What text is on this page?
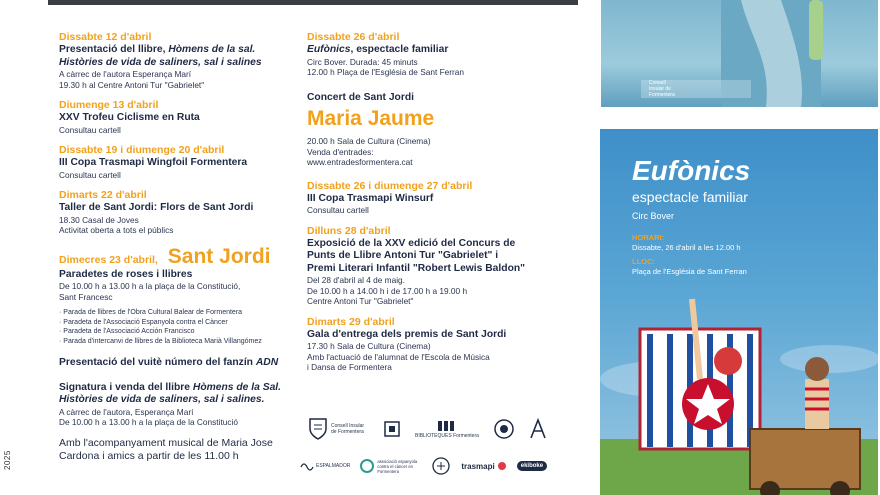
2025
Dissabte 12 d'abril
Presentació del llibre, Hòmens de la sal.
Històries de vida de saliners, sal i salines
A càrrec de l'autora Esperança Marí
19.30 h al Centre Antoni Tur "Gabrielet"
Diumenge 13 d'abril
XXV Trofeu Ciclisme en Ruta
Consultau cartell
Dissabte 19 i diumenge 20 d'abril
III Copa Trasmapi Wingfoil Formentera
Consultau cartell
Dimarts 22 d'abril
Taller de Sant Jordi: Flors de Sant Jordi
18.30 Casal de Joves
Activitat oberta a tots el públics
Dimecres 23 d'abril, Sant Jordi
Paradetes de roses i llibres
De 10.00 h a 13.00 h a la plaça de la Constitució,
Sant Francesc
· Parada de llibres de l'Obra Cultural Balear de Formentera
· Paradeta de l'Associació Espanyola contra el Càncer
· Paradeta de l'Associació Acción Francisco
· Parada d'intercanvi de llibres de la Biblioteca Marià Villangómez
Presentació del vuitè número del fanzín ADN
Signatura i venda del llibre Hòmens de la Sal.
Històries de vida de saliners, sal i salines.
A càrrec de l'autora, Esperança Marí
De 10.00 h a 13.00 h a la plaça de la Constitució
Amb l'acompanyament musical de Maria Jose
Cardona i amics a partir de les 11.00 h
Dissabte 26 d'abril
Eufònics, espectacle familiar
Circ Bover. Durada: 45 minuts
12.00 h Plaça de l'Església de Sant Ferran
Concert de Sant Jordi
Maria Jaume
20.00 h Sala de Cultura (Cinema)
Venda d'entrades:
www.entradesformentera.cat
Dissabte 26 i diumenge 27 d'abril
III Copa Trasmapi Winsurf
Consultau cartell
Dilluns 28 d'abril
Exposició de la XXV edició del Concurs de
Punts de Llibre Antoni Tur "Gabrielet" i
Premi Literari Infantil "Robert Lewis Baldon"
Del 28 d'abril al 4 de maig.
De 10.00 h a 14.00 h i de 17.00 h a 19.00 h
Centre Antoni Tur "Gabrielet"
Dimarts 29 d'abril
Gala d'entrega dels premis de Sant Jordi
17.30 h Sala de Cultura (Cinema)
Amb l'actuació de l'alumnat de l'Escola de Música
i Dansa de Formentera
Consell Insular de Formentera
BIBLIOTEQUES Formentera
ESPALMADOR
associació espanyola contra el càncer en Formentera
trasmapi	ekiboke
Consell Insular de Formentera
Eufònics
espectacle familiar
Circ Bover
HORARI:
Dissabte, 26 d'abril a les 12.00 h
LLOC:
Plaça de l'Església de Sant Ferran
